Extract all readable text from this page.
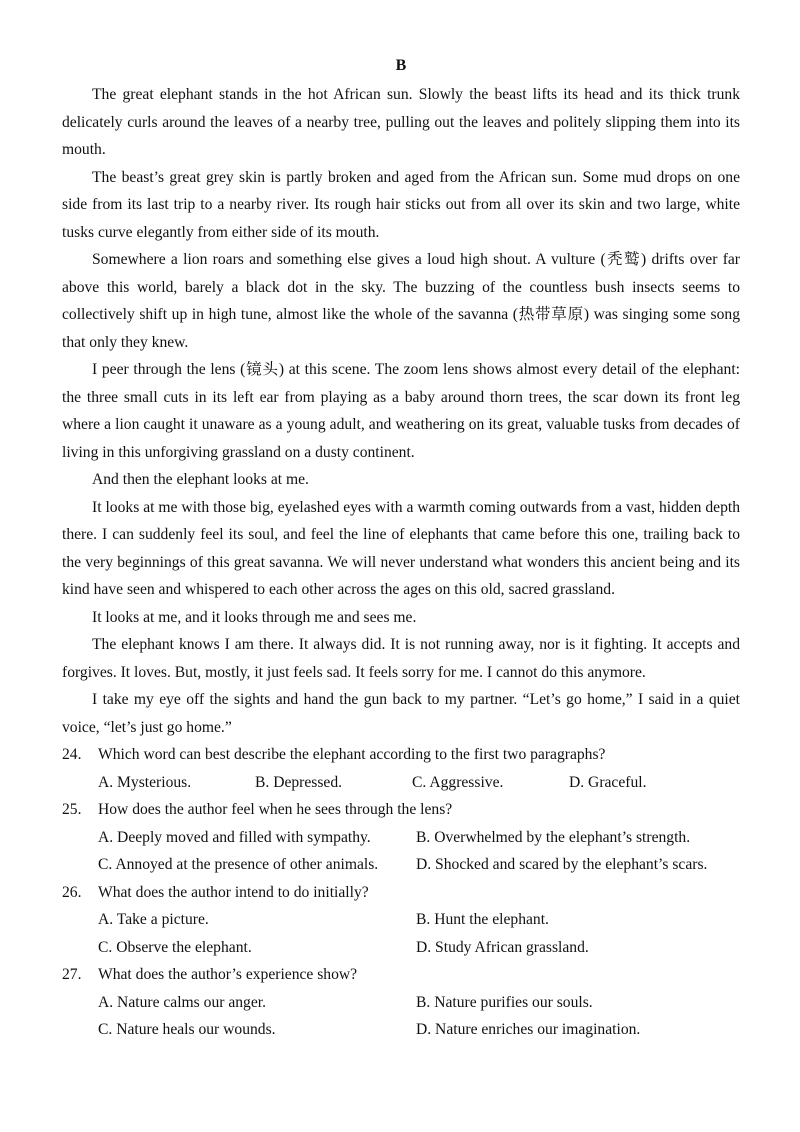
B

The great elephant stands in the hot African sun. Slowly the beast lifts its head and its thick trunk delicately curls around the leaves of a nearby tree, pulling out the leaves and politely slipping them into its mouth.

The beast’s great grey skin is partly broken and aged from the African sun. Some mud drops on one side from its last trip to a nearby river. Its rough hair sticks out from all over its skin and two large, white tusks curve elegantly from either side of its mouth.

Somewhere a lion roars and something else gives a loud high shout. A vulture (秃鹫) drifts over far above this world, barely a black dot in the sky. The buzzing of the countless bush insects seems to collectively shift up in high tune, almost like the whole of the savanna (热带草原) was singing some song that only they knew.

I peer through the lens (镜头) at this scene. The zoom lens shows almost every detail of the elephant: the three small cuts in its left ear from playing as a baby around thorn trees, the scar down its front leg where a lion caught it unaware as a young adult, and weathering on its great, valuable tusks from decades of living in this unforgiving grassland on a dusty continent.

And then the elephant looks at me.

It looks at me with those big, eyelashed eyes with a warmth coming outwards from a vast, hidden depth there. I can suddenly feel its soul, and feel the line of elephants that came before this one, trailing back to the very beginnings of this great savanna. We will never understand what wonders this ancient being and its kind have seen and whispered to each other across the ages on this old, sacred grassland.

It looks at me, and it looks through me and sees me.

The elephant knows I am there. It always did. It is not running away, nor is it fighting. It accepts and forgives. It loves. But, mostly, it just feels sad. It feels sorry for me. I cannot do this anymore.

I take my eye off the sights and hand the gun back to my partner. “Let’s go home,” I said in a quiet voice, “let’s just go home.”

24.	Which word can best describe the elephant according to the first two paragraphs?
A. Mysterious.	B. Depressed.	C. Aggressive.	D. Graceful.
25.	How does the author feel when he sees through the lens?
A. Deeply moved and filled with sympathy.	B. Overwhelmed by the elephant’s strength.
C. Annoyed at the presence of other animals.	D. Shocked and scared by the elephant’s scars.
26.	What does the author intend to do initially?
A. Take a picture.	B. Hunt the elephant.
C. Observe the elephant.	D. Study African grassland.
27.	What does the author’s experience show?
A. Nature calms our anger.	B. Nature purifies our souls.
C. Nature heals our wounds.	D. Nature enriches our imagination.
